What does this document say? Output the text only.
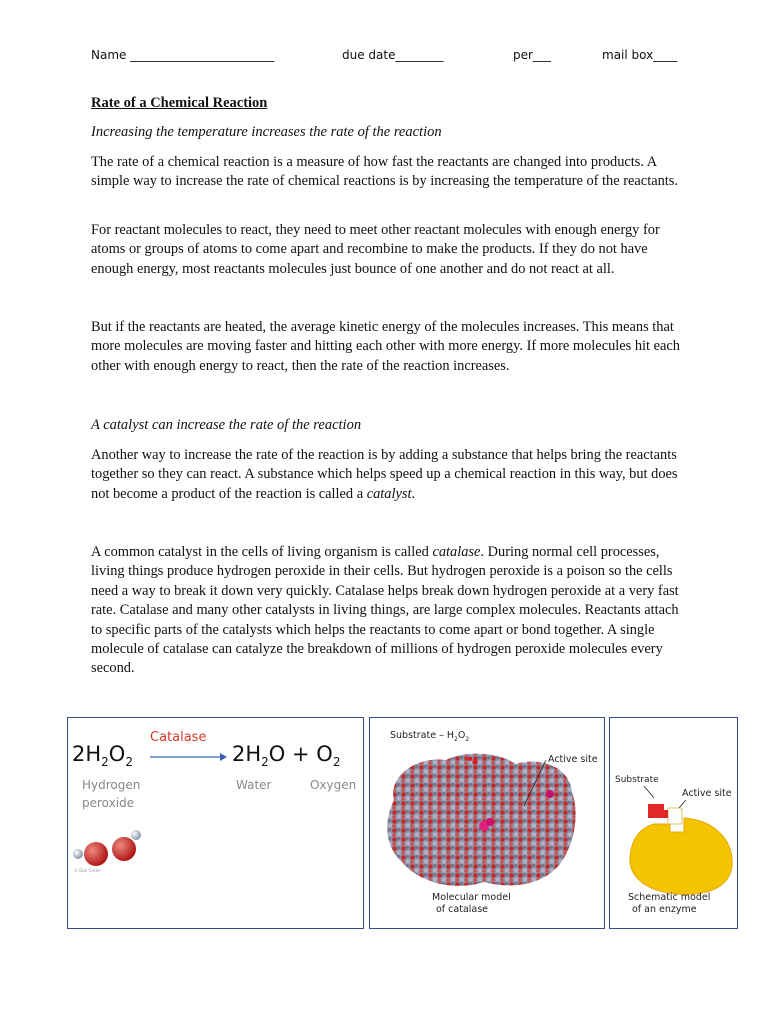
Name ________________________	due date________	per___	mail box____
Rate of a Chemical Reaction
Increasing the temperature increases the rate of the reaction

The rate of a chemical reaction is a measure of how fast the reactants are changed into products. A simple way to increase the rate of chemical reactions is by increasing the temperature of the reactants.

For reactant molecules to react, they need to meet other reactant molecules with enough energy for atoms or groups of atoms to come apart and recombine to make the products. If they do not have enough energy, most reactants molecules just bounce of one another and do not react at all.

But if the reactants are heated, the average kinetic energy of the molecules increases. This means that more molecules are moving faster and hitting each other with more energy. If more molecules hit each other with enough energy to react, then the rate of the reaction increases.

A catalyst can increase the rate of the reaction

Another way to increase the rate of the reaction is by adding a substance that helps bring the reactants together so they can react. A substance which helps speed up a chemical reaction in this way, but does not become a product of the reaction is called a catalyst.

A common catalyst in the cells of living organism is called catalase. During normal cell processes, living things produce hydrogen peroxide in their cells. But hydrogen peroxide is a poison so the cells need a way to break it down very quickly. Catalase helps break down hydrogen peroxide at a very fast rate. Catalase and many other catalysts in living things, are large complex molecules. Reactants attach to specific parts of the catalysts which helps the reactants to come apart or bond together. A single molecule of catalase can catalyze the breakdown of millions of hydrogen peroxide molecules every second.

Catalase
$2H_2O_2$	$2H_2O + O_2$
Hydrogen
peroxide
Water	Oxygen
© Don Green
Substrate – $H_2O_2$
Active site
Molecular model
of catalase
Substrate
Active site
Schematic model
of an enzyme
